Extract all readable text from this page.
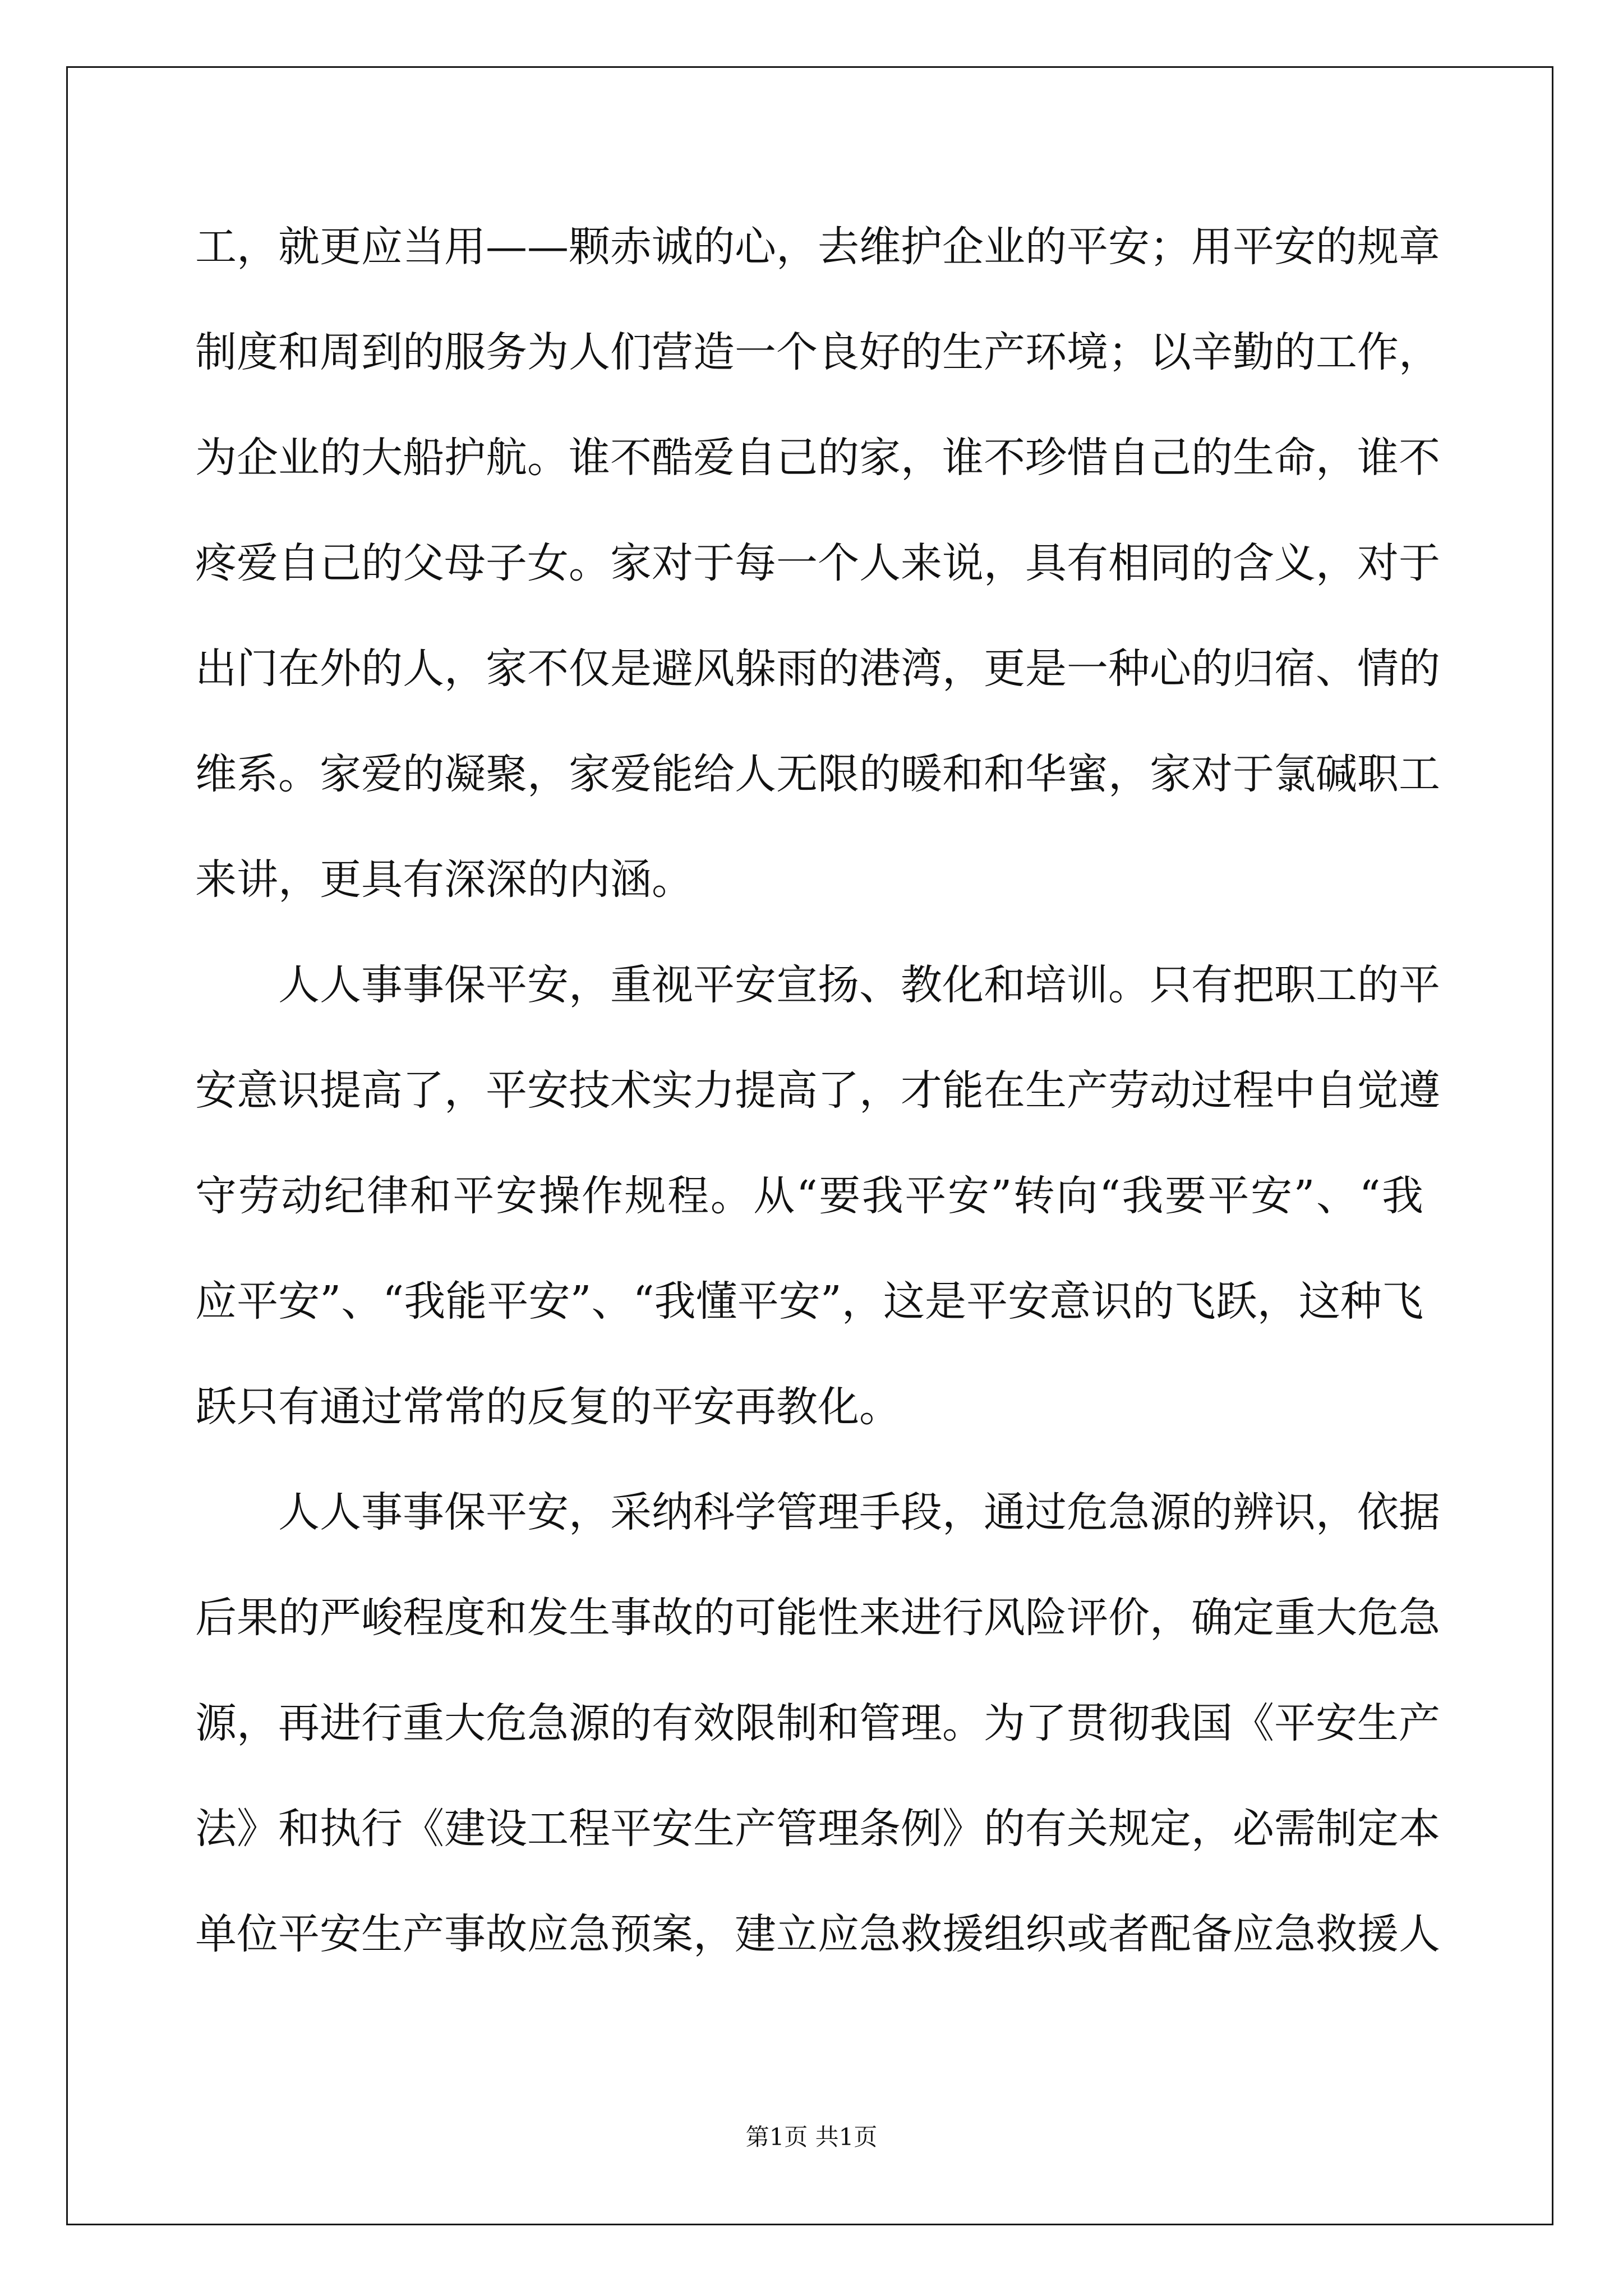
工，就更应当用——颗赤诚的心，去维护企业的平安；用平安的规章
制度和周到的服务为人们营造一个良好的生产环境；以辛勤的工作，
为企业的大船护航。谁不酷爱自己的家，谁不珍惜自己的生命，谁不
疼爱自己的父母子女。家对于每一个人来说，具有相同的含义，对于
出门在外的人，家不仅是避风躲雨的港湾，更是一种心的归宿、情的
维系。家爱的凝聚，家爱能给人无限的暖和和华蜜，家对于氯碱职工
来讲，更具有深深的内涵。
人人事事保平安，重视平安宣扬、教化和培训。只有把职工的平
安意识提高了，平安技术实力提高了，才能在生产劳动过程中自觉遵
守劳动纪律和平安操作规程。从“要我平安”转向“我要平安”、“我
应平安”、“我能平安”、“我懂平安”，这是平安意识的飞跃，这种飞
跃只有通过常常的反复的平安再教化。
人人事事保平安，采纳科学管理手段，通过危急源的辨识，依据
后果的严峻程度和发生事故的可能性来进行风险评价，确定重大危急
源，再进行重大危急源的有效限制和管理。为了贯彻我国《平安生产
法》和执行《建设工程平安生产管理条例》的有关规定，必需制定本
单位平安生产事故应急预案，建立应急救援组织或者配备应急救援人
第1页 共1页
